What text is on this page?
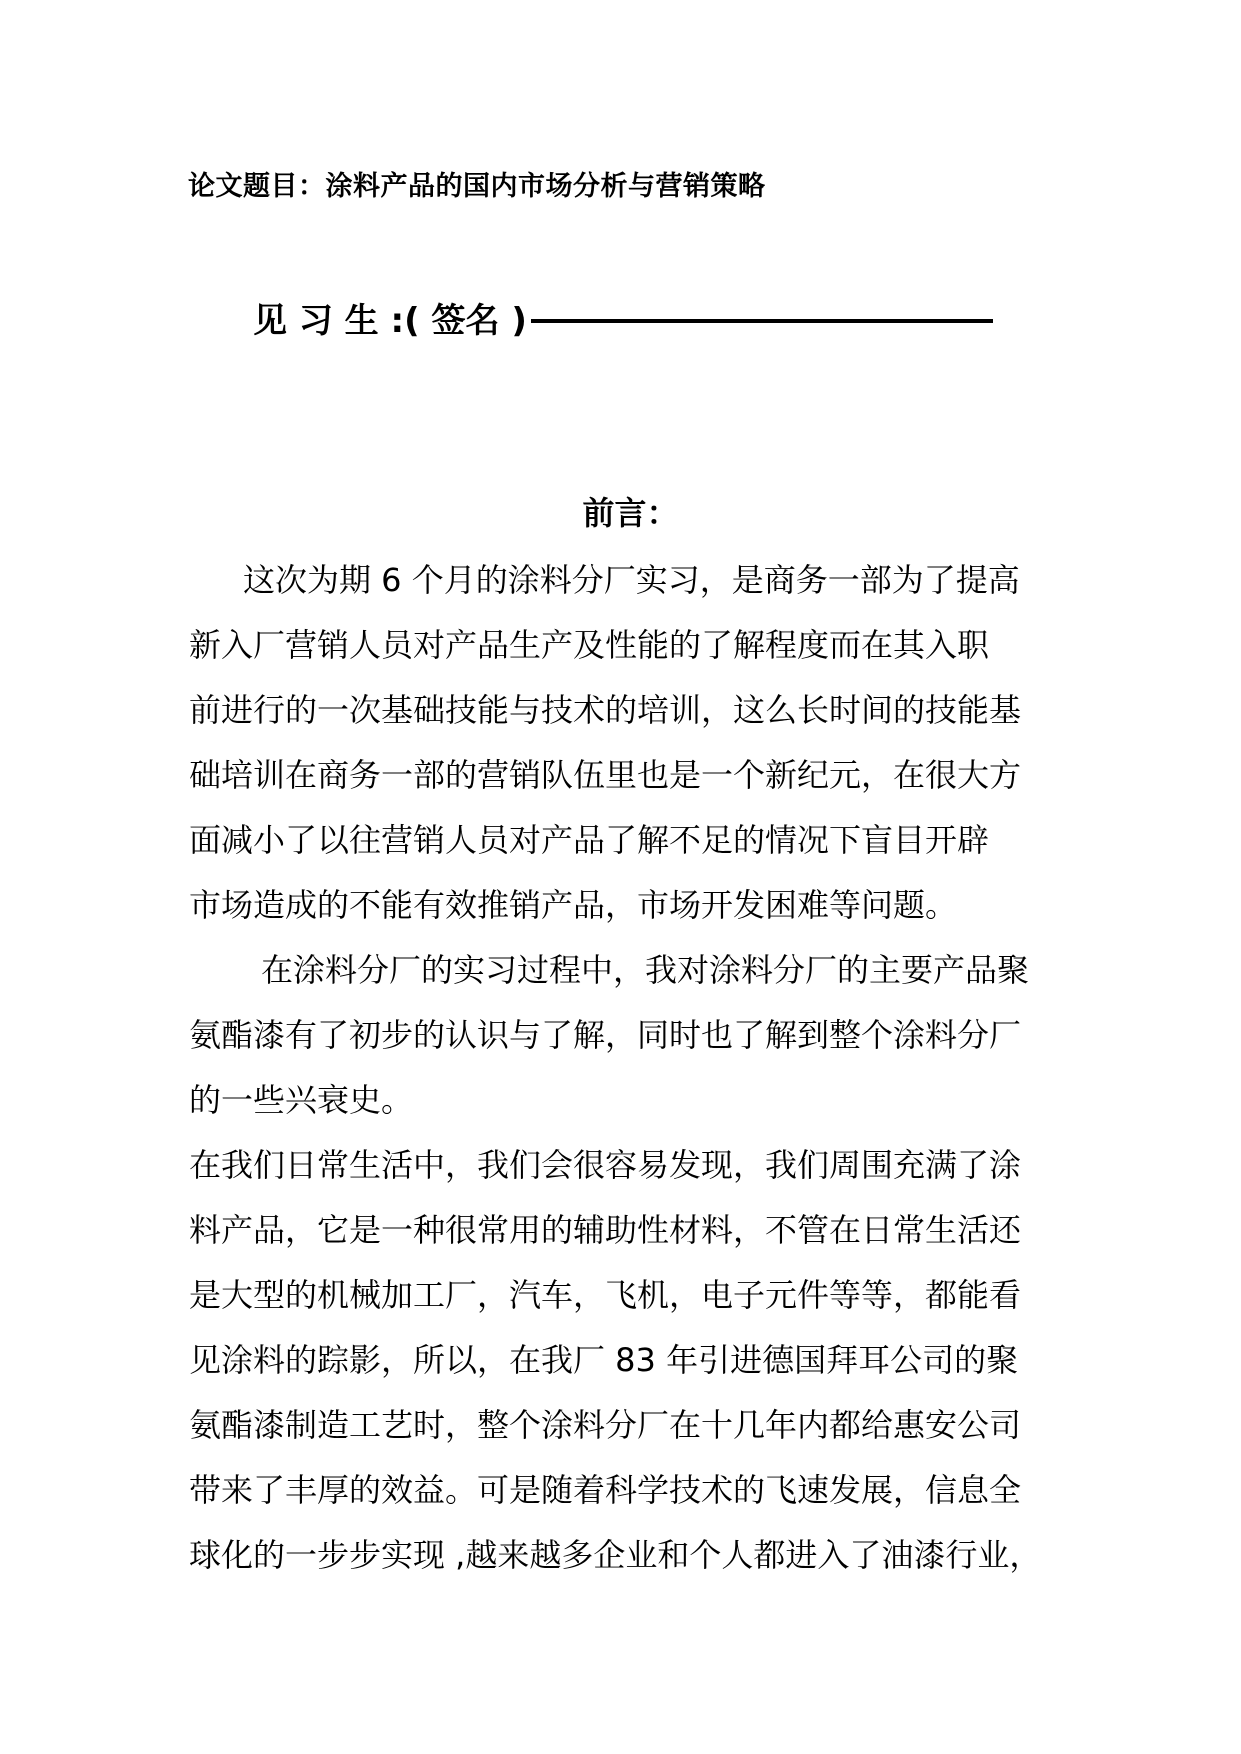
论文题目：涂料产品的国内市场分析与营销策略
见 习 生 :( 签名 )
前言：
这次为期 6 个月的涂料分厂实习，是商务一部为了提高
新入厂营销人员对产品生产及性能的了解程度而在其入职
前进行的一次基础技能与技术的培训，这么长时间的技能基
础培训在商务一部的营销队伍里也是一个新纪元，在很大方
面减小了以往营销人员对产品了解不足的情况下盲目开辟
市场造成的不能有效推销产品，市场开发困难等问题。
在涂料分厂的实习过程中，我对涂料分厂的主要产品聚
氨酯漆有了初步的认识与了解，同时也了解到整个涂料分厂
的一些兴衰史。
在我们日常生活中，我们会很容易发现，我们周围充满了涂
料产品，它是一种很常用的辅助性材料，不管在日常生活还
是大型的机械加工厂，汽车，飞机，电子元件等等，都能看
见涂料的踪影，所以，在我厂 83 年引进德国拜耳公司的聚
氨酯漆制造工艺时，整个涂料分厂在十几年内都给惠安公司
带来了丰厚的效益。可是随着科学技术的飞速发展，信息全
球化的一步步实现 ,越来越多企业和个人都进入了油漆行业，
